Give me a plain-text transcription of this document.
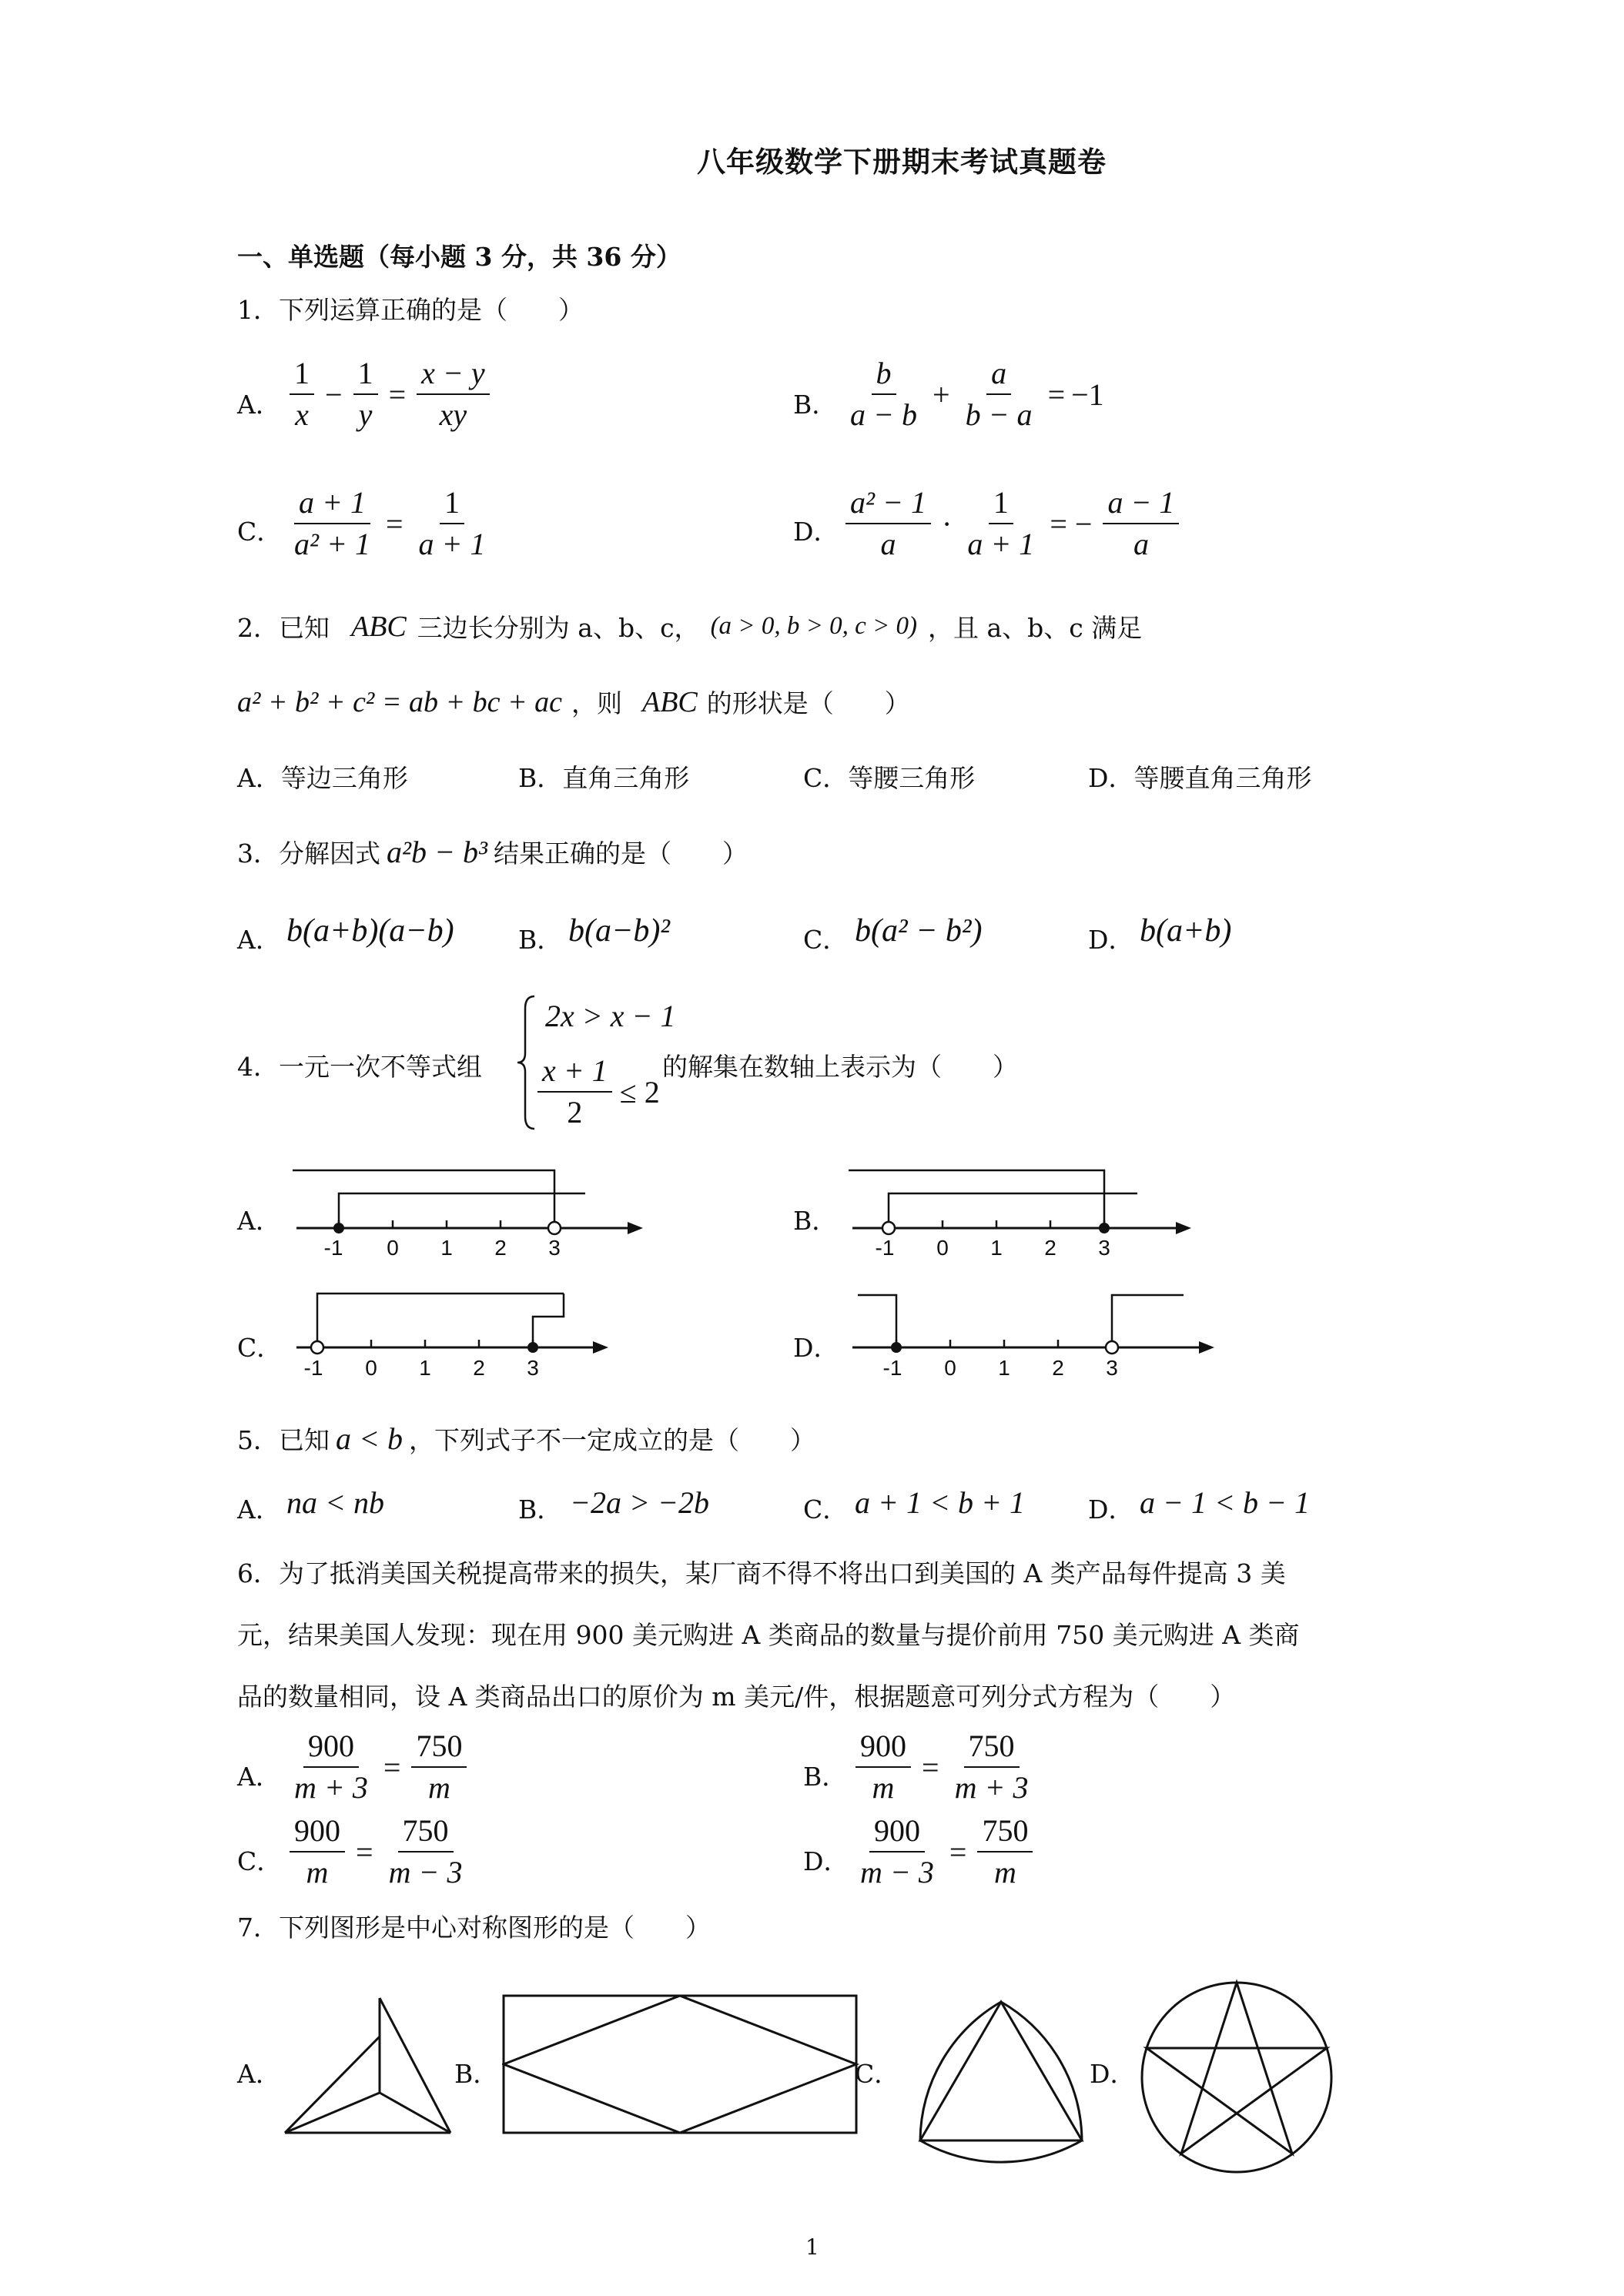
八年级数学下册期末考试真题卷
一、单选题（每小题 3 分，共 36 分）
1．下列运算正确的是（　　）
A． $\frac{1}{x} - \frac{1}{y} = \frac{x - y}{xy}$	B． $\frac{b}{a - b} + \frac{a}{b - a} = -1$
C． $\frac{a + 1}{\text{a² + 1}} = \frac{1}{a + 1}$	D． $\frac{\text{a² − 1}}{a} \cdot \frac{1}{a + 1}$ = − $\frac{a - 1}{a}$
2．已知 ABC 三边长分别为 a、b、c， (a > 0, b > 0, c > 0) ，且 a、b、c 满足
a² + b² + c² = ab + bc + ac ，则 ABC 的形状是（　　）
A．等边三角形	B．直角三角形	C．等腰三角形	D．等腰直角三角形
3．分解因式 a²b − b³ 结果正确的是（　　）
A． b(a+b)(a−b)	B． b(a−b)²	C． b(a² − b²)	D． b(a+b)
4．一元一次不等式组
2x > x − 1
$\frac{x + 1}{2} \le 2$
的解集在数轴上表示为（　　）
A．
-1 0 1 2 3
B．
-1 0 1 2 3
C．
-1 0 1 2 3
D．
-1 0 1 2 3
5．已知 a < b ，下列式子不一定成立的是（　　）
A． na < nb	B． −2a > −2b	C． a + 1 < b + 1 D． a − 1 < b − 1
6．为了抵消美国关税提高带来的损失，某厂商不得不将出口到美国的 A 类产品每件提高 3 美
元，结果美国人发现：现在用 900 美元购进 A 类商品的数量与提价前用 750 美元购进 A 类商
品的数量相同，设 A 类商品出口的原价为 m 美元/件，根据题意可列分式方程为（　　）
A． $\frac{900}{m + 3} = \frac{750}{m}$	B． $\frac{900}{m} = \frac{750}{m + 3}$
C． $\frac{900}{m} = \frac{750}{m - 3}$	D． $\frac{900}{m - 3} = \frac{750}{m}$
7．下列图形是中心对称图形的是（　　）
A．	B．	C．	D．
1
